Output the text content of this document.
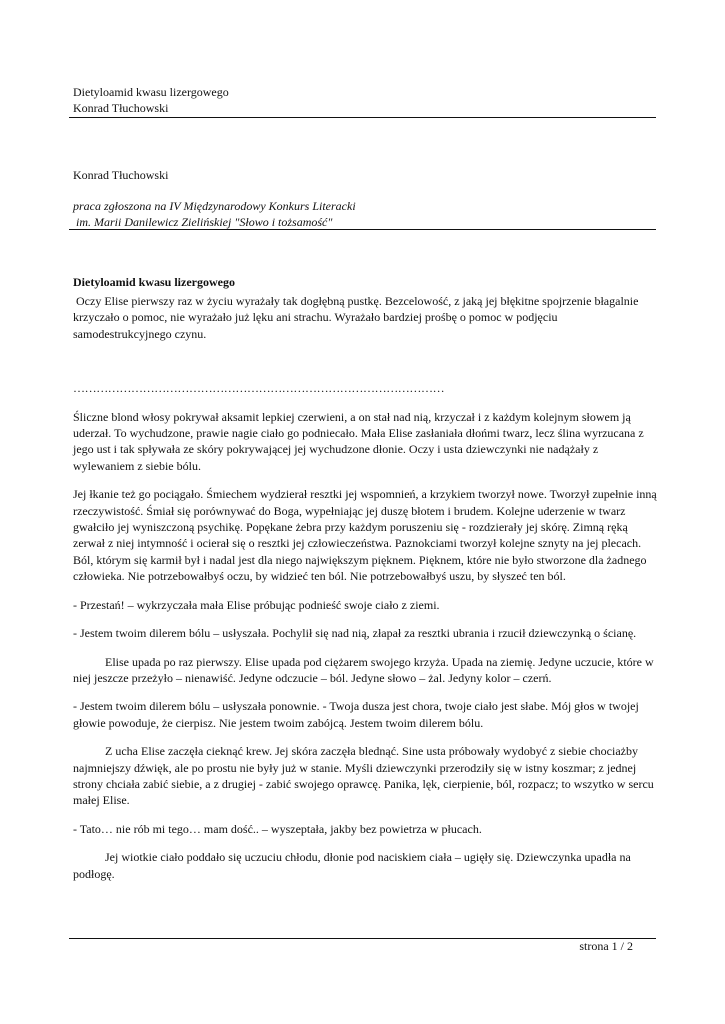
Dietyloamid kwasu lizergowego
Konrad Tłuchowski
Konrad Tłuchowski
praca zgłoszona na IV Międzynarodowy Konkurs Literacki
im. Marii Danilewicz Zielińskiej "Słowo i tożsamość"
Dietyloamid kwasu lizergowego

Oczy Elise pierwszy raz w życiu wyrażały tak dogłębną pustkę. Bezcelowość, z jaką jej błękitne spojrzenie błagalnie krzyczało o pomoc, nie wyrażało już lęku ani strachu. Wyrażało bardziej prośbę o pomoc w podjęciu samodestrukcyjnego czynu.

……………………………………………………………………………………

Śliczne blond włosy pokrywał aksamit lepkiej czerwieni, a on stał nad nią, krzyczał i z każdym kolejnym słowem ją uderzał. To wychudzone, prawie nagie ciało go podniecało. Mała Elise zasłaniała dłońmi twarz, lecz ślina wyrzucana z jego ust i tak spływała ze skóry pokrywającej jej wychudzone dłonie. Oczy i usta dziewczynki nie nadążały z wylewaniem z siebie bólu.

Jej łkanie też go pociągało. Śmiechem wydzierał resztki jej wspomnień, a krzykiem tworzył nowe. Tworzył zupełnie inną rzeczywistość. Śmiał się porównywać do Boga, wypełniając jej duszę błotem i brudem. Kolejne uderzenie w twarz gwałciło jej wyniszczoną psychikę. Popękane żebra przy każdym poruszeniu się - rozdzierały jej skórę. Zimną ręką zerwał z niej intymność i ocierał się o resztki jej człowieczeństwa. Paznokciami tworzył kolejne sznyty na jej plecach. Ból, którym się karmił był i nadal jest dla niego największym pięknem. Pięknem, które nie było stworzone dla żadnego człowieka. Nie potrzebowałbyś oczu, by widzieć ten ból. Nie potrzebowałbyś uszu, by słyszeć ten ból.

- Przestań! – wykrzyczała mała Elise próbując podnieść swoje ciało z ziemi.

- Jestem twoim dilerem bólu – usłyszała. Pochylił się nad nią, złapał za resztki ubrania i rzucił dziewczynką o ścianę.

Elise upada po raz pierwszy. Elise upada pod ciężarem swojego krzyża. Upada na ziemię. Jedyne uczucie, które w niej jeszcze przeżyło – nienawiść. Jedyne odczucie – ból. Jedyne słowo – żal. Jedyny kolor – czerń.

- Jestem twoim dilerem bólu – usłyszała ponownie. - Twoja dusza jest chora, twoje ciało jest słabe. Mój głos w twojej głowie powoduje, że cierpisz. Nie jestem twoim zabójcą. Jestem twoim dilerem bólu.

Z ucha Elise zaczęła cieknąć krew. Jej skóra zaczęła blednąć. Sine usta próbowały wydobyć z siebie chociażby najmniejszy dźwięk, ale po prostu nie były już w stanie. Myśli dziewczynki przerodziły się w istny koszmar; z jednej strony chciała zabić siebie, a z drugiej - zabić swojego oprawcę. Panika, lęk, cierpienie, ból, rozpacz; to wszytko w sercu małej Elise.

- Tato… nie rób mi tego… mam dość.. – wyszeptała, jakby bez powietrza w płucach.

Jej wiotkie ciało poddało się uczuciu chłodu, dłonie pod naciskiem ciała – ugięły się. Dziewczynka upadła na podłogę.

strona 1 / 2
